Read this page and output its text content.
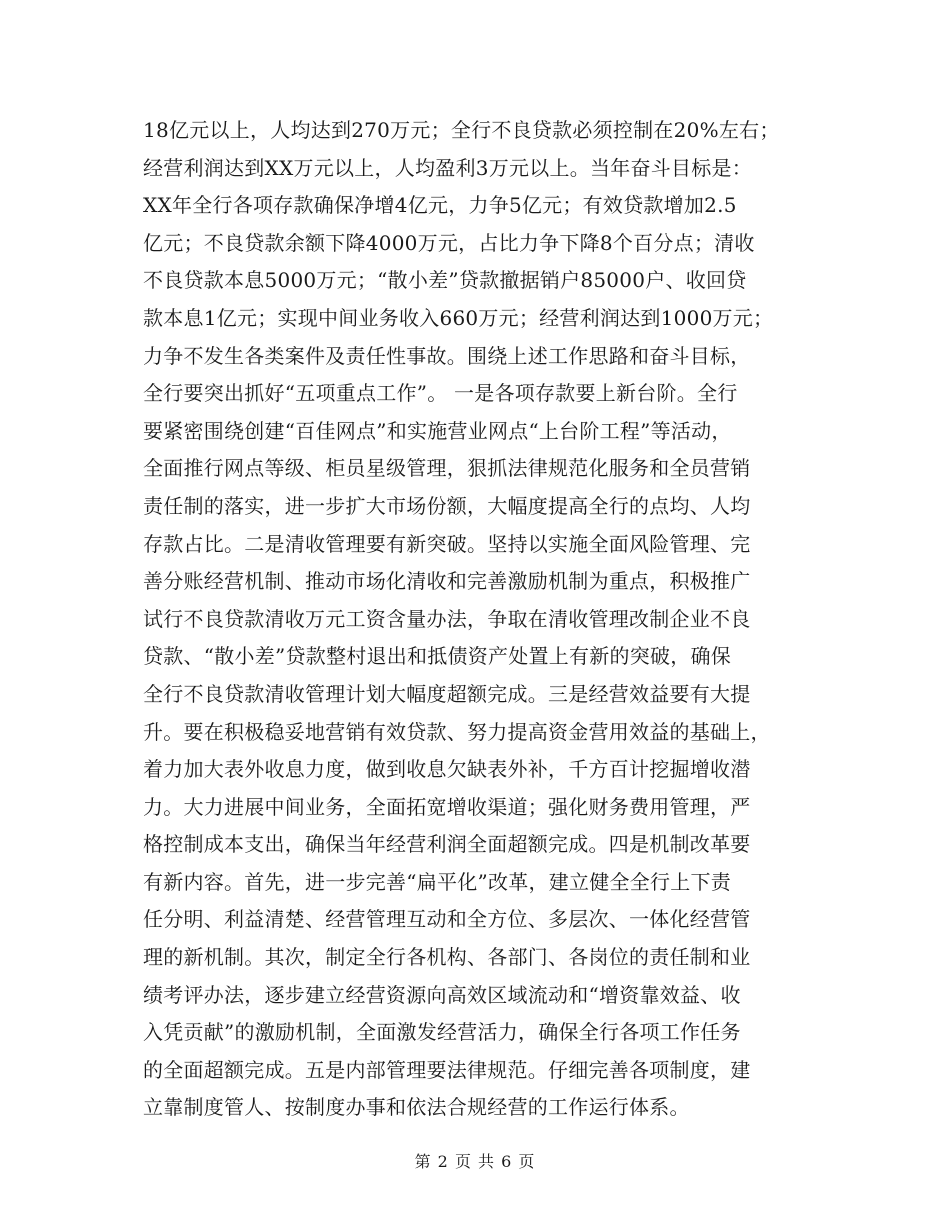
18亿元以上，人均达到270万元；全行不良贷款必须控制在20%左右；
经营利润达到XX万元以上，人均盈利3万元以上。当年奋斗目标是：
XX年全行各项存款确保净增4亿元，力争5亿元；有效贷款增加2.5
亿元；不良贷款余额下降4000万元，占比力争下降8个百分点；清收
不良贷款本息5000万元；“散小差”贷款撤据销户85000户、收回贷
款本息1亿元；实现中间业务收入660万元；经营利润达到1000万元；
力争不发生各类案件及责任性事故。围绕上述工作思路和奋斗目标，
全行要突出抓好“五项重点工作”。 一是各项存款要上新台阶。全行
要紧密围绕创建“百佳网点”和实施营业网点“上台阶工程”等活动，
全面推行网点等级、柜员星级管理，狠抓法律规范化服务和全员营销
责任制的落实，进一步扩大市场份额，大幅度提高全行的点均、人均
存款占比。二是清收管理要有新突破。坚持以实施全面风险管理、完
善分账经营机制、推动市场化清收和完善激励机制为重点，积极推广
试行不良贷款清收万元工资含量办法，争取在清收管理改制企业不良
贷款、“散小差”贷款整村退出和抵债资产处置上有新的突破，确保
全行不良贷款清收管理计划大幅度超额完成。三是经营效益要有大提
升。要在积极稳妥地营销有效贷款、努力提高资金营用效益的基础上，
着力加大表外收息力度，做到收息欠缺表外补，千方百计挖掘增收潜
力。大力进展中间业务，全面拓宽增收渠道；强化财务费用管理，严
格控制成本支出，确保当年经营利润全面超额完成。四是机制改革要
有新内容。首先，进一步完善“扁平化”改革，建立健全全行上下责
任分明、利益清楚、经营管理互动和全方位、多层次、一体化经营管
理的新机制。其次，制定全行各机构、各部门、各岗位的责任制和业
绩考评办法，逐步建立经营资源向高效区域流动和“增资靠效益、收
入凭贡献”的激励机制，全面激发经营活力，确保全行各项工作任务
的全面超额完成。五是内部管理要法律规范。仔细完善各项制度，建
立靠制度管人、按制度办事和依法合规经营的工作运行体系。
第 2 页 共 6 页
